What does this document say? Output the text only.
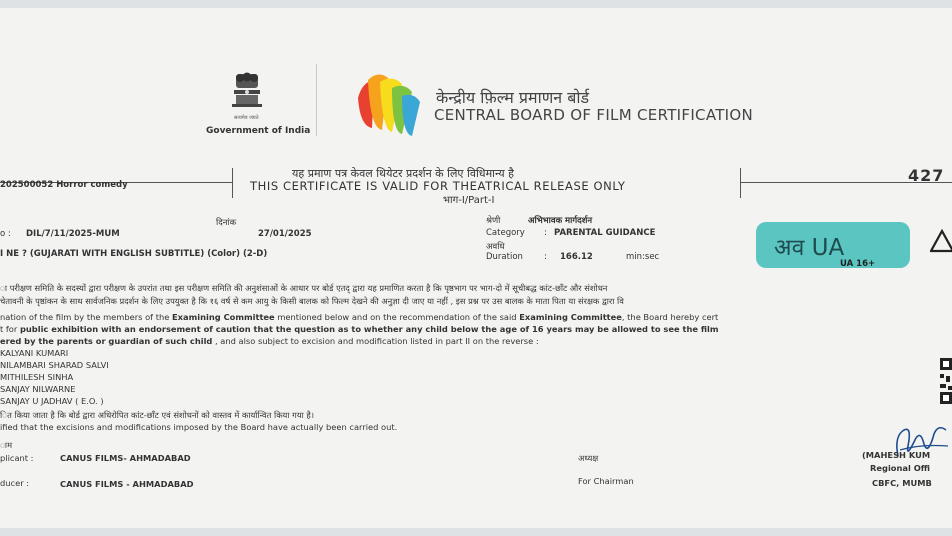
सत्यमेव जयते
Government of India
केन्द्रीय फ़िल्म प्रमाणन बोर्ड
CENTRAL BOARD OF FILM CERTIFICATION
यह प्रमाण पत्र केवल थियेटर प्रदर्शन के लिए विधिमान्य है
THIS CERTIFICATE IS VALID FOR THEATRICAL RELEASE ONLY
भाग-I/Part-I
427
202500052 Horror comedy
o : DIL/7/11/2025-MUM
दिनांक
27/01/2025
I NE ? (GUJARATI WITH ENGLISH SUBTITLE) (Color) (2-D)
श्रेणी	अभिभावक मार्गदर्शन
Category : PARENTAL GUIDANCE
अवधि
Duration : 166.12	min:sec	अव UA
UA 16+
ा परीक्षण समिति के सदस्यों द्वारा परीक्षण के उपरांत तथा इस परीक्षण समिति की अनुशंसाओं के आधार पर बोर्ड एतद् द्वारा यह प्रमाणित करता है कि पृष्ठभाग पर भाग-दो में सूचीबद्ध कांट-छाँट और संशोधन
चेतावनी के पृष्ठांकन के साथ सार्वजनिक प्रदर्शन के लिए उपयुक्त है कि १६ वर्ष से कम आयु के किसी बालक को फिल्म देखने की अनुज्ञा दी जाए या नहीं , इस प्रश्न पर उस बालक के माता पिता या संरक्षक द्वारा वि
nation of the film by the members of the Examining Committee mentioned below and on the recommendation of the said Examining Committee, the Board hereby cert
t for public exhibition with an endorsement of caution that the question as to whether any child below the age of 16 years may be allowed to see the film
ered by the parents or guardian of such child , and also subject to excision and modification listed in part II on the reverse :
KALYANI KUMARI
NILAMBARI SHARAD SALVI
MITHILESH SINHA
SANJAY NILWARNE
SANJAY U JADHAV ( E.O. )
ित किया जाता है कि बोर्ड द्वारा अधिरोपित कांट-छाँट एवं संशोधनों को वास्तव में कार्यान्वित किया गया है।
ified that the excisions and modifications imposed by the Board have actually been carried out.
ाम
plicant :	CANUS FILMS- AHMADABAD
ducer :	CANUS FILMS - AHMADABAD
अध्यक्ष
For Chairman
(MAHESH KUM
Regional Offi
CBFC, MUMB
